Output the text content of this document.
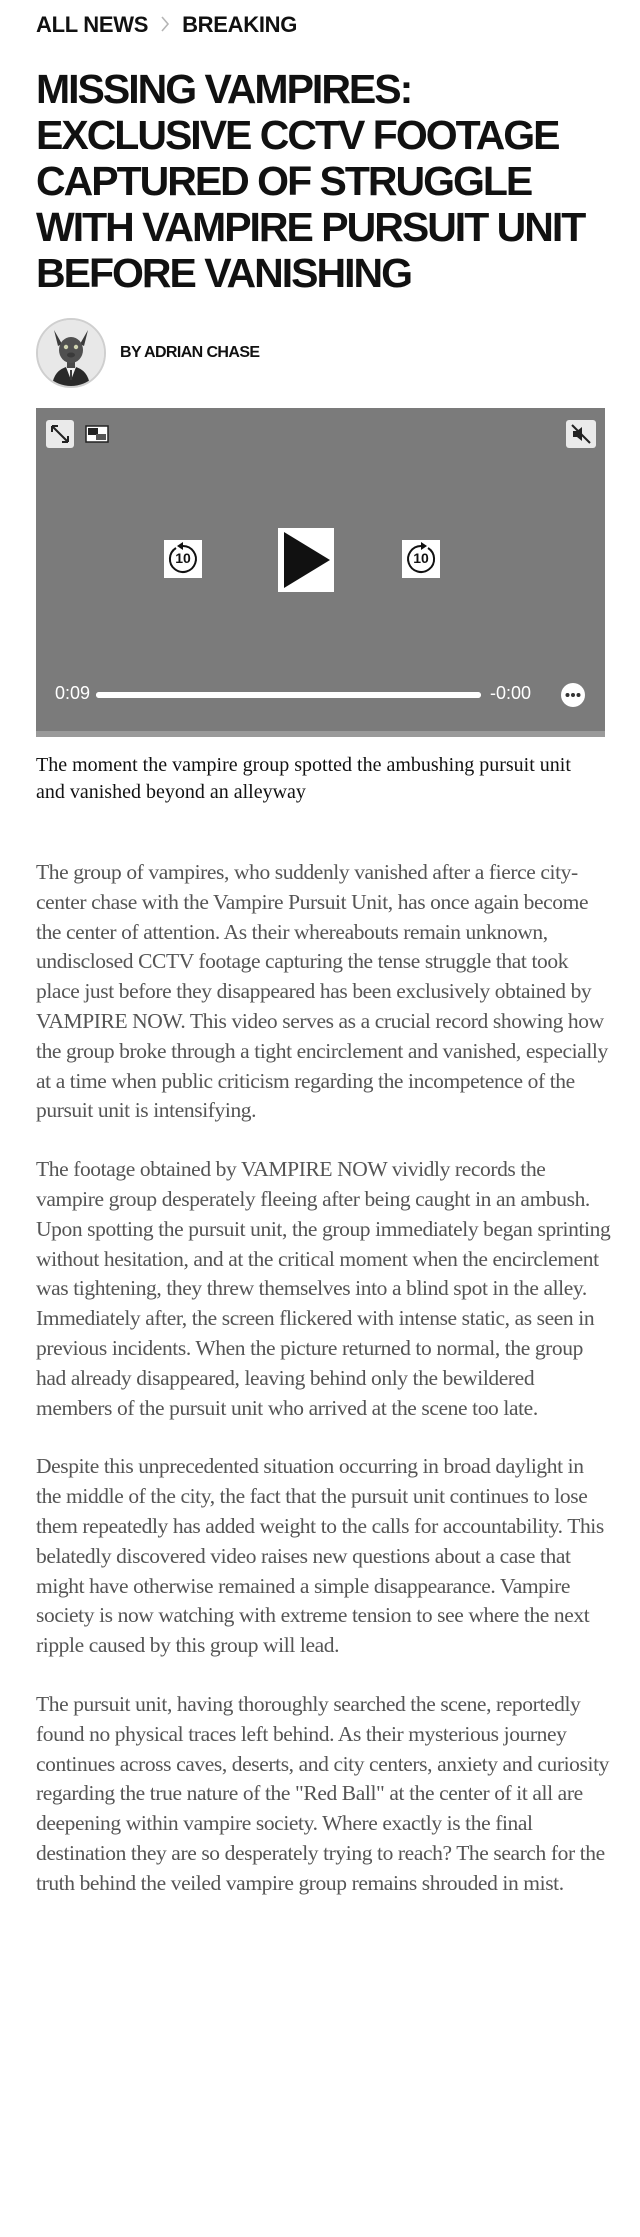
ALL NEWS BREAKING
MISSING VAMPIRES: EXCLUSIVE CCTV FOOTAGE CAPTURED OF STRUGGLE WITH VAMPIRE PURSUIT UNIT BEFORE VANISHING
BY ADRIAN CHASE
10	10
0:09	-0:00

The moment the vampire group spotted the ambushing pursuit unit and vanished beyond an alleyway

The group of vampires, who suddenly vanished after a fierce city-center chase with the Vampire Pursuit Unit, has once again become the center of attention. As their whereabouts remain unknown, undisclosed CCTV footage capturing the tense struggle that took place just before they disappeared has been exclusively obtained by VAMPIRE NOW. This video serves as a crucial record showing how the group broke through a tight encirclement and vanished, especially at a time when public criticism regarding the incompetence of the pursuit unit is intensifying.

The footage obtained by VAMPIRE NOW vividly records the vampire group desperately fleeing after being caught in an ambush. Upon spotting the pursuit unit, the group immediately began sprinting without hesitation, and at the critical moment when the encirclement was tightening, they threw themselves into a blind spot in the alley. Immediately after, the screen flickered with intense static, as seen in previous incidents. When the picture returned to normal, the group had already disappeared, leaving behind only the bewildered members of the pursuit unit who arrived at the scene too late.

Despite this unprecedented situation occurring in broad daylight in the middle of the city, the fact that the pursuit unit continues to lose them repeatedly has added weight to the calls for accountability. This belatedly discovered video raises new questions about a case that might have otherwise remained a simple disappearance. Vampire society is now watching with extreme tension to see where the next ripple caused by this group will lead.

The pursuit unit, having thoroughly searched the scene, reportedly found no physical traces left behind. As their mysterious journey continues across caves, deserts, and city centers, anxiety and curiosity regarding the true nature of the "Red Ball" at the center of it all are deepening within vampire society. Where exactly is the final destination they are so desperately trying to reach? The search for the truth behind the veiled vampire group remains shrouded in mist.
